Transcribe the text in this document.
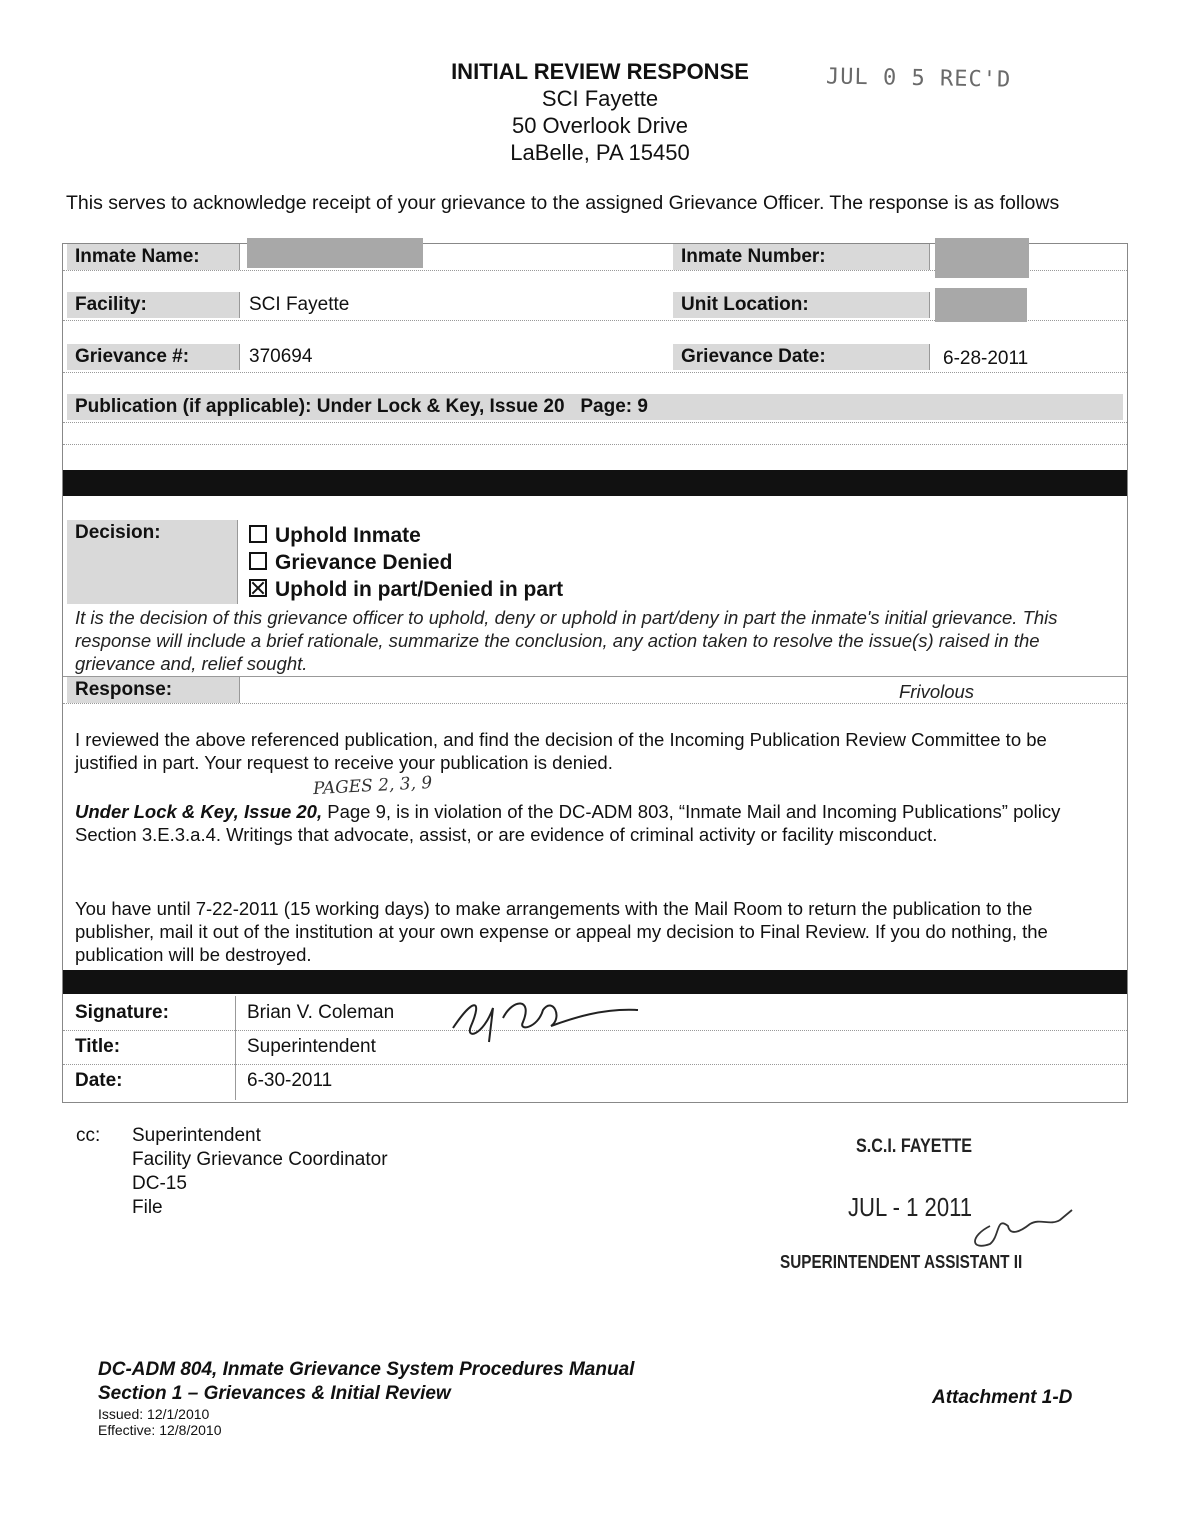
INITIAL REVIEW RESPONSE
SCI Fayette
50 Overlook Drive
LaBelle, PA 15450
JUL 0 5 REC'D
This serves to acknowledge receipt of your grievance to the assigned Grievance Officer. The response is as follows
Inmate Name:	Inmate Number:
Facility:	SCI Fayette	Unit Location:
Grievance #:	370694	Grievance Date:	6-28-2011
Publication (if applicable): Under Lock & Key, Issue 20   Page: 9
Decision:	Uphold Inmate
Grievance Denied
Uphold in part/Denied in part
It is the decision of this grievance officer to uphold, deny or uphold in part/deny in part the inmate's initial grievance. This response will include a brief rationale, summarize the conclusion, any action taken to resolve the issue(s) raised in the grievance and, relief sought.
Response:	Frivolous
I reviewed the above referenced publication, and find the decision of the Incoming Publication Review Committee to be justified in part. Your request to receive your publication is denied.
PAGES 2, 3, 9
Under Lock & Key, Issue 20, Page 9, is in violation of the DC-ADM 803, “Inmate Mail and Incoming Publications” policy Section 3.E.3.a.4. Writings that advocate, assist, or are evidence of criminal activity or facility misconduct.
You have until 7-22-2011 (15 working days) to make arrangements with the Mail Room to return the publication to the publisher, mail it out of the institution at your own expense or appeal my decision to Final Review. If you do nothing, the publication will be destroyed.
Signature:	Brian V. Coleman
Title:	Superintendent
Date:	6-30-2011
cc: Superintendent
Facility Grievance Coordinator
DC-15
File
S.C.I. FAYETTE
JUL - 1 2011
SUPERINTENDENT ASSISTANT II
DC-ADM 804, Inmate Grievance System Procedures Manual
Section 1 – Grievances & Initial Review
Issued: 12/1/2010
Effective: 12/8/2010
Attachment 1-D
